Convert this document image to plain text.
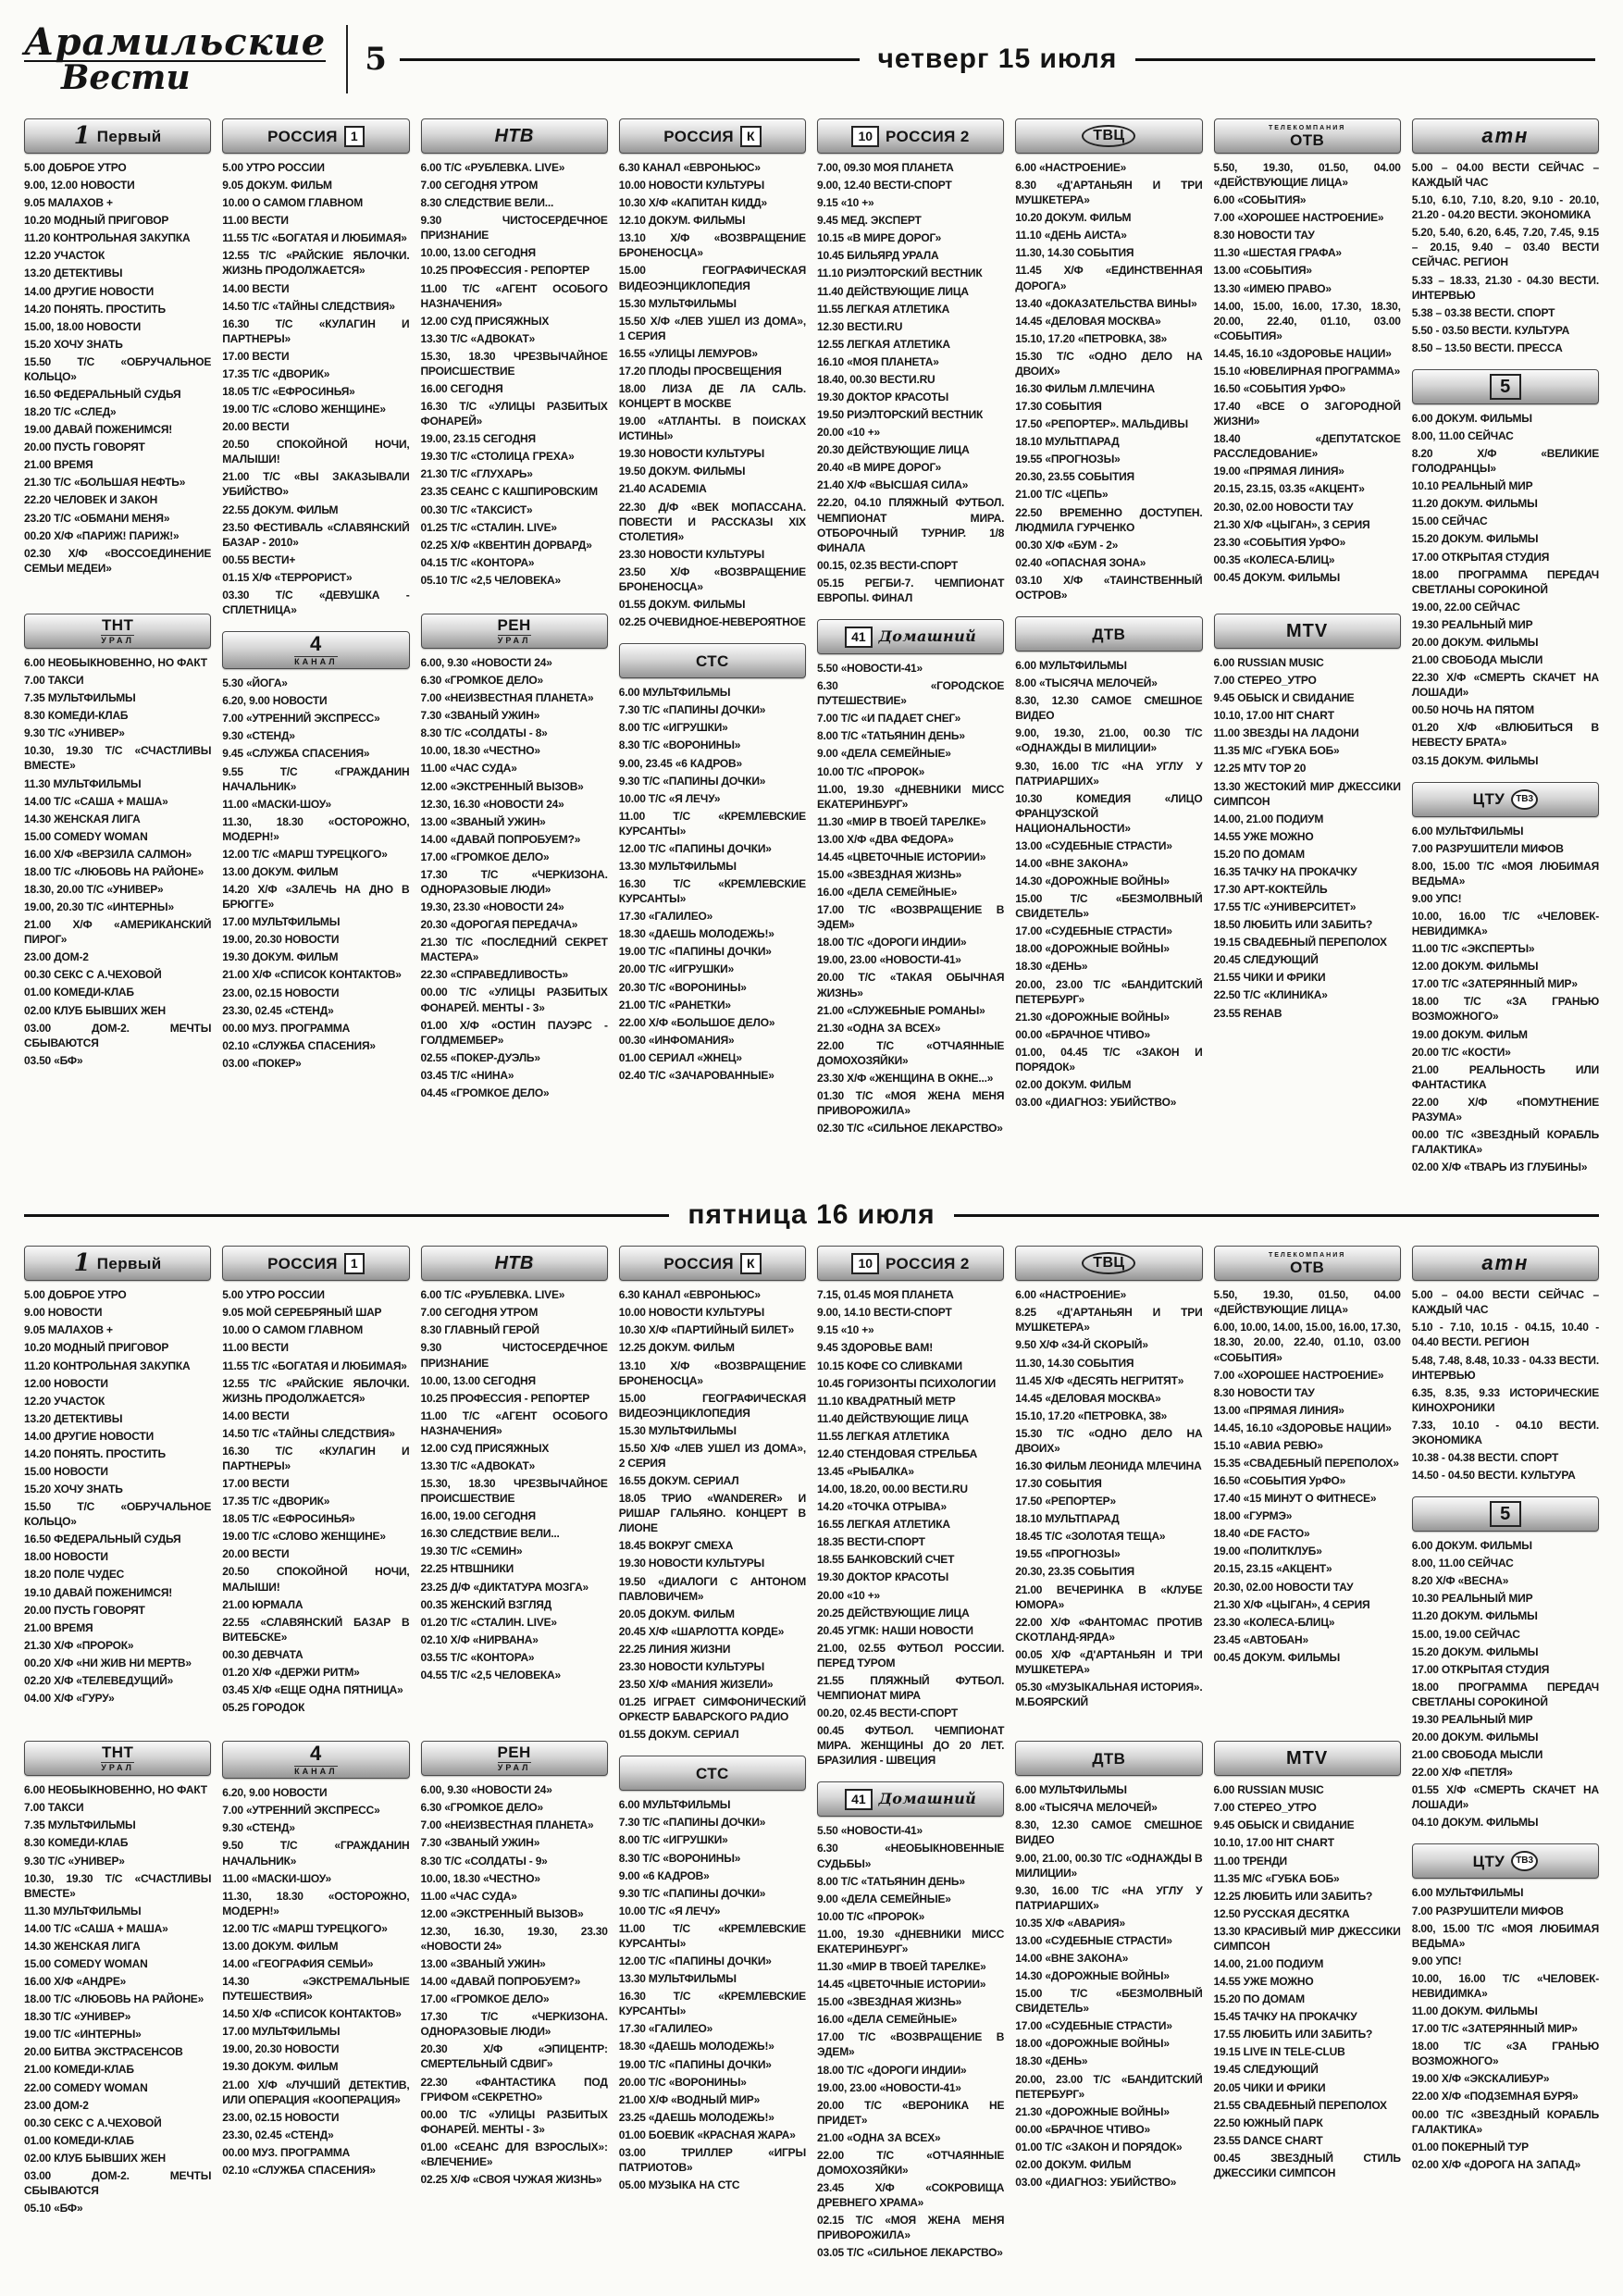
Арамильские
Вести	5	четверг 15 июля
1 Первый

5.00 ДОБРОЕ УТРО

9.00, 12.00 НОВОСТИ

9.05 МАЛАХОВ +

10.20 МОДНЫЙ ПРИГОВОР

11.20 КОНТРОЛЬНАЯ ЗАКУПКА

12.20 УЧАСТОК

13.20 ДЕТЕКТИВЫ

14.00 ДРУГИЕ НОВОСТИ

14.20 ПОНЯТЬ. ПРОСТИТЬ

15.00, 18.00 НОВОСТИ

15.20 ХОЧУ ЗНАТЬ

15.50 Т/С «ОБРУЧАЛЬНОЕ КОЛЬЦО»

16.50 ФЕДЕРАЛЬНЫЙ СУДЬЯ

18.20 Т/С «СЛЕД»

19.00 ДАВАЙ ПОЖЕНИМСЯ!

20.00 ПУСТЬ ГОВОРЯТ

21.00 ВРЕМЯ

21.30 Т/С «БОЛЬШАЯ НЕФТЬ»

22.20 ЧЕЛОВЕК И ЗАКОН

23.20 Т/С «ОБМАНИ МЕНЯ»

00.20 Х/Ф «ПАРИЖ! ПАРИЖ!»

02.30 Х/Ф «ВОССОЕДИНЕНИЕ СЕМЬИ МЕДЕИ»

ТНТ
УРАЛ

6.00 НЕОБЫКНОВЕННО, НО ФАКТ

7.00 ТАКСИ

7.35 МУЛЬТФИЛЬМЫ

8.30 КОМЕДИ-КЛАБ

9.30 Т/С «УНИВЕР»

10.30, 19.30 Т/С «СЧАСТЛИВЫ ВМЕСТЕ»

11.30 МУЛЬТФИЛЬМЫ

14.00 Т/С «САША + МАША»

14.30 ЖЕНСКАЯ ЛИГА

15.00 COMEDY WOMAN

16.00 Х/Ф «ВЕРЗИЛА САЛМОН»

18.00 Т/С «ЛЮБОВЬ НА РАЙОНЕ»

18.30, 20.00 Т/С «УНИВЕР»

19.00, 20.30 Т/С «ИНТЕРНЫ»

21.00 Х/Ф «АМЕРИКАНСКИЙ ПИРОГ»

23.00 ДОМ-2

00.30 СЕКС С А.ЧЕХОВОЙ

01.00 КОМЕДИ-КЛАБ

02.00 КЛУБ БЫВШИХ ЖЕН

03.00 ДОМ-2. МЕЧТЫ СБЫВАЮТСЯ

03.50 «БФ»

РОССИЯ	1

5.00 УТРО РОССИИ

9.05 ДОКУМ. ФИЛЬМ

10.00 О САМОМ ГЛАВНОМ

11.00 ВЕСТИ

11.55 Т/С «БОГАТАЯ И ЛЮБИМАЯ»

12.55 Т/С «РАЙСКИЕ ЯБЛОЧКИ. ЖИЗНЬ ПРОДОЛЖАЕТСЯ»

14.00 ВЕСТИ

14.50 Т/С «ТАЙНЫ СЛЕДСТВИЯ»

16.30 Т/С «КУЛАГИН И ПАРТНЕРЫ»

17.00 ВЕСТИ

17.35 Т/С «ДВОРИК»

18.05 Т/С «ЕФРОСИНЬЯ»

19.00 Т/С «СЛОВО ЖЕНЩИНЕ»

20.00 ВЕСТИ

20.50 СПОКОЙНОЙ НОЧИ, МАЛЫШИ!

21.00 Т/С «ВЫ ЗАКАЗЫВАЛИ УБИЙСТВО»

22.55 ДОКУМ. ФИЛЬМ

23.50 ФЕСТИВАЛЬ «СЛАВЯНСКИЙ БАЗАР - 2010»

00.55 ВЕСТИ+

01.15 Х/Ф «ТЕРРОРИСТ»

03.30 Т/С «ДЕВУШКА - СПЛЕТНИЦА»

4
КАНАЛ

5.30 «ЙОГА»

6.20, 9.00 НОВОСТИ

7.00 «УТРЕННИЙ ЭКСПРЕСС»

9.30 «СТЕНД»

9.45 «СЛУЖБА СПАСЕНИЯ»

9.55 Т/С «ГРАЖДАНИН НАЧАЛЬНИК»

11.00 «МАСКИ-ШОУ»

11.30, 18.30 «ОСТОРОЖНО, МОДЕРН!»

12.00 Т/С «МАРШ ТУРЕЦКОГО»

13.00 ДОКУМ. ФИЛЬМ

14.20 Х/Ф «ЗАЛЕЧЬ НА ДНО В БРЮГГЕ»

17.00 МУЛЬТФИЛЬМЫ

19.00, 20.30 НОВОСТИ

19.30 ДОКУМ. ФИЛЬМ

21.00 Х/Ф «СПИСОК КОНТАКТОВ»

23.00, 02.15 НОВОСТИ

23.30, 02.45 «СТЕНД»

00.00 МУЗ. ПРОГРАММА

02.10 «СЛУЖБА СПАСЕНИЯ»

03.00 «ПОКЕР»

НТВ

6.00 Т/С «РУБЛЕВКА. LIVE»

7.00 СЕГОДНЯ УТРОМ

8.30 СЛЕДСТВИЕ ВЕЛИ...

9.30 ЧИСТОСЕРДЕЧНОЕ ПРИЗНАНИЕ

10.00, 13.00 СЕГОДНЯ

10.25 ПРОФЕССИЯ - РЕПОРТЕР

11.00 Т/С «АГЕНТ ОСОБОГО НАЗНАЧЕНИЯ»

12.00 СУД ПРИСЯЖНЫХ

13.30 Т/С «АДВОКАТ»

15.30, 18.30 ЧРЕЗВЫЧАЙНОЕ ПРОИСШЕСТВИЕ

16.00 СЕГОДНЯ

16.30 Т/С «УЛИЦЫ РАЗБИТЫХ ФОНАРЕЙ»

19.00, 23.15 СЕГОДНЯ

19.30 Т/С «СТОЛИЦА ГРЕХА»

21.30 Т/С «ГЛУХАРЬ»

23.35 СЕАНС С КАШПИРОВСКИМ

00.30 Т/С «ТАКСИСТ»

01.25 Т/С «СТАЛИН. LIVE»

02.25 Х/Ф «КВЕНТИН ДОРВАРД»

04.15 Т/С «КОНТОРА»

05.10 Т/С «2,5 ЧЕЛОВЕКА»

РЕН
УРАЛ

6.00, 9.30 «НОВОСТИ 24»

6.30 «ГРОМКОЕ ДЕЛО»

7.00 «НЕИЗВЕСТНАЯ ПЛАНЕТА»

7.30 «ЗВАНЫЙ УЖИН»

8.30 Т/С «СОЛДАТЫ - 8»

10.00, 18.30 «ЧЕСТНО»

11.00 «ЧАС СУДА»

12.00 «ЭКСТРЕННЫЙ ВЫЗОВ»

12.30, 16.30 «НОВОСТИ 24»

13.00 «ЗВАНЫЙ УЖИН»

14.00 «ДАВАЙ ПОПРОБУЕМ?»

17.00 «ГРОМКОЕ ДЕЛО»

17.30 Т/С «ЧЕРКИЗОНА. ОДНОРАЗОВЫЕ ЛЮДИ»

19.30, 23.30 «НОВОСТИ 24»

20.30 «ДОРОГАЯ ПЕРЕДАЧА»

21.30 Т/С «ПОСЛЕДНИЙ СЕКРЕТ МАСТЕРА»

22.30 «СПРАВЕДЛИВОСТЬ»

00.00 Т/С «УЛИЦЫ РАЗБИТЫХ ФОНАРЕЙ. МЕНТЫ - 3»

01.00 Х/Ф «ОСТИН ПАУЭРС - ГОЛДМЕМБЕР»

02.55 «ПОКЕР-ДУЭЛЬ»

03.45 Т/С «НИНА»

04.45 «ГРОМКОЕ ДЕЛО»

РОССИЯ	К

6.30 КАНАЛ «ЕВРОНЬЮС»

10.00 НОВОСТИ КУЛЬТУРЫ

10.30 Х/Ф «КАПИТАН КИДД»

12.10 ДОКУМ. ФИЛЬМЫ

13.10 Х/Ф «ВОЗВРАЩЕНИЕ БРОНЕНОСЦА»

15.00 ГЕОГРАФИЧЕСКАЯ ВИДЕОЭНЦИКЛОПЕДИЯ

15.30 МУЛЬТФИЛЬМЫ

15.50 Х/Ф «ЛЕВ УШЕЛ ИЗ ДОМА», 1 СЕРИЯ

16.55 «УЛИЦЫ ЛЕМУРОВ»

17.20 ПЛОДЫ ПРОСВЕЩЕНИЯ

18.00 ЛИЗА ДЕ ЛА САЛЬ. КОНЦЕРТ В МОСКВЕ

19.00 «АТЛАНТЫ. В ПОИСКАХ ИСТИНЫ»

19.30 НОВОСТИ КУЛЬТУРЫ

19.50 ДОКУМ. ФИЛЬМЫ

21.40 ACADEMIA

22.30 Д/Ф «ВЕК МОПАССАНА. ПОВЕСТИ И РАССКАЗЫ XIX СТОЛЕТИЯ»

23.30 НОВОСТИ КУЛЬТУРЫ

23.50 Х/Ф «ВОЗВРАЩЕНИЕ БРОНЕНОСЦА»

01.55 ДОКУМ. ФИЛЬМЫ

02.25 ОЧЕВИДНОЕ-НЕВЕРОЯТНОЕ

СТС

6.00 МУЛЬТФИЛЬМЫ

7.30 Т/С «ПАПИНЫ ДОЧКИ»

8.00 Т/С «ИГРУШКИ»

8.30 Т/С «ВОРОНИНЫ»

9.00, 23.45 «6 КАДРОВ»

9.30 Т/С «ПАПИНЫ ДОЧКИ»

10.00 Т/С «Я ЛЕЧУ»

11.00 Т/С «КРЕМЛЕВСКИЕ КУРСАНТЫ»

12.00 Т/С «ПАПИНЫ ДОЧКИ»

13.30 МУЛЬТФИЛЬМЫ

16.30 Т/С «КРЕМЛЕВСКИЕ КУРСАНТЫ»

17.30 «ГАЛИЛЕО»

18.30 «ДАЕШЬ МОЛОДЕЖЬ!»

19.00 Т/С «ПАПИНЫ ДОЧКИ»

20.00 Т/С «ИГРУШКИ»

20.30 Т/С «ВОРОНИНЫ»

21.00 Т/С «РАНЕТКИ»

22.00 Х/Ф «БОЛЬШОЕ ДЕЛО»

00.30 «ИНФОМАНИЯ»

01.00 СЕРИАЛ «ЖНЕЦ»

02.40 Т/С «ЗАЧАРОВАННЫЕ»

10 РОССИЯ 2

7.00, 09.30 МОЯ ПЛАНЕТА

9.00, 12.40 ВЕСТИ-СПОРТ

9.15 «10 +»

9.45 МЕД. ЭКСПЕРТ

10.15 «В МИРЕ ДОРОГ»

10.45 БИЛЬЯРД УРАЛА

11.10 РИЭЛТОРСКИЙ ВЕСТНИК

11.40 ДЕЙСТВУЮЩИЕ ЛИЦА

11.55 ЛЕГКАЯ АТЛЕТИКА

12.30 ВЕСТИ.RU

12.55 ЛЕГКАЯ АТЛЕТИКА

16.10 «МОЯ ПЛАНЕТА»

18.40, 00.30 ВЕСТИ.RU

19.30 ДОКТОР КРАСОТЫ

19.50 РИЭЛТОРСКИЙ ВЕСТНИК

20.00 «10 +»

20.30 ДЕЙСТВУЮЩИЕ ЛИЦА

20.40 «В МИРЕ ДОРОГ»

21.40 Х/Ф «ВЫСШАЯ СИЛА»

22.20, 04.10 ПЛЯЖНЫЙ ФУТБОЛ. ЧЕМПИОНАТ МИРА. ОТБОРОЧНЫЙ ТУРНИР. 1/8 ФИНАЛА

00.15, 02.35 ВЕСТИ-СПОРТ

05.15 РЕГБИ-7. ЧЕМПИОНАТ ЕВРОПЫ. ФИНАЛ

41 Домашний

5.50 «НОВОСТИ-41»

6.30 «ГОРОДСКОЕ ПУТЕШЕСТВИЕ»

7.00 Т/С «И ПАДАЕТ СНЕГ»

8.00 Т/С «ТАТЬЯНИН ДЕНЬ»

9.00 «ДЕЛА СЕМЕЙНЫЕ»

10.00 Т/С «ПРОРОК»

11.00, 19.30 «ДНЕВНИКИ МИСС ЕКАТЕРИНБУРГ»

11.30 «МИР В ТВОЕЙ ТАРЕЛКЕ»

13.00 Х/Ф «ДВА ФЕДОРА»

14.45 «ЦВЕТОЧНЫЕ ИСТОРИИ»

15.00 «ЗВЕЗДНАЯ ЖИЗНЬ»

16.00 «ДЕЛА СЕМЕЙНЫЕ»

17.00 Т/С «ВОЗВРАЩЕНИЕ В ЭДЕМ»

18.00 Т/С «ДОРОГИ ИНДИИ»

19.00, 23.00 «НОВОСТИ-41»

20.00 Т/С «ТАКАЯ ОБЫЧНАЯ ЖИЗНЬ»

21.00 «СЛУЖЕБНЫЕ РОМАНЫ»

21.30 «ОДНА ЗА ВСЕХ»

22.00 Т/С «ОТЧАЯННЫЕ ДОМОХОЗЯЙКИ»

23.30 Х/Ф «ЖЕНЩИНА В ОКНЕ...»

01.30 Т/С «МОЯ ЖЕНА МЕНЯ ПРИВОРОЖИЛА»

02.30 Т/С «СИЛЬНОЕ ЛЕКАРСТВО»

ТВЦ

6.00 «НАСТРОЕНИЕ»

8.30 «Д'АРТАНЬЯН И ТРИ МУШКЕТЕРА»

10.20 ДОКУМ. ФИЛЬМ

11.10 «ДЕНЬ АИСТА»

11.30, 14.30 СОБЫТИЯ

11.45 Х/Ф «ЕДИНСТВЕННАЯ ДОРОГА»

13.40 «ДОКАЗАТЕЛЬСТВА ВИНЫ»

14.45 «ДЕЛОВАЯ МОСКВА»

15.10, 17.20 «ПЕТРОВКА, 38»

15.30 Т/С «ОДНО ДЕЛО НА ДВОИХ»

16.30 ФИЛЬМ Л.МЛЕЧИНА

17.30 СОБЫТИЯ

17.50 «РЕПОРТЕР». МАЛЬДИВЫ

18.10 МУЛЬТПАРАД

19.55 «ПРОГНОЗЫ»

20.30, 23.55 СОБЫТИЯ

21.00 Т/С «ЦЕПЬ»

22.50 ВРЕМЕННО ДОСТУПЕН. ЛЮДМИЛА ГУРЧЕНКО

00.30 Х/Ф «БУМ - 2»

02.40 «ОПАСНАЯ ЗОНА»

03.10 Х/Ф «ТАИНСТВЕННЫЙ ОСТРОВ»

ДТВ

6.00 МУЛЬТФИЛЬМЫ

8.00 «ТЫСЯЧА МЕЛОЧЕЙ»

8.30, 12.30 САМОЕ СМЕШНОЕ ВИДЕО

9.00, 19.30, 21.00, 00.30 Т/С «ОДНАЖДЫ В МИЛИЦИИ»

9.30, 16.00 Т/С «НА УГЛУ У ПАТРИАРШИХ»

10.30 КОМЕДИЯ «ЛИЦО ФРАНЦУЗСКОЙ НАЦИОНАЛЬНОСТИ»

13.00 «СУДЕБНЫЕ СТРАСТИ»

14.00 «ВНЕ ЗАКОНА»

14.30 «ДОРОЖНЫЕ ВОЙНЫ»

15.00 Т/С «БЕЗМОЛВНЫЙ СВИДЕТЕЛЬ»

17.00 «СУДЕБНЫЕ СТРАСТИ»

18.00 «ДОРОЖНЫЕ ВОЙНЫ»

18.30 «ДЕНЬ»

20.00, 23.00 Т/С «БАНДИТСКИЙ ПЕТЕРБУРГ»

21.30 «ДОРОЖНЫЕ ВОЙНЫ»

00.00 «БРАЧНОЕ ЧТИВО»

01.00, 04.45 Т/С «ЗАКОН И ПОРЯДОК»

02.00 ДОКУМ. ФИЛЬМ

03.00 «ДИАГНОЗ: УБИЙСТВО»

ТЕЛЕКОМПАНИЯ
ОТВ

5.50, 19.30, 01.50, 04.00 «ДЕЙСТВУЮЩИЕ ЛИЦА»

6.00 «СОБЫТИЯ»

7.00 «ХОРОШЕЕ НАСТРОЕНИЕ»

8.30 НОВОСТИ ТАУ

11.30 «ШЕСТАЯ ГРАФА»

13.00 «СОБЫТИЯ»

13.30 «ИМЕЮ ПРАВО»

14.00, 15.00, 16.00, 17.30, 18.30, 20.00, 22.40, 01.10, 03.00 «СОБЫТИЯ»

14.45, 16.10 «ЗДОРОВЬЕ НАЦИИ»

15.10 «ЮВЕЛИРНАЯ ПРОГРАММА»

16.50 «СОБЫТИЯ УрФО»

17.40 «ВСЕ О ЗАГОРОДНОЙ ЖИЗНИ»

18.40 «ДЕПУТАТСКОЕ РАССЛЕДОВАНИЕ»

19.00 «ПРЯМАЯ ЛИНИЯ»

20.15, 23.15, 03.35 «АКЦЕНТ»

20.30, 02.00 НОВОСТИ ТАУ

21.30 Х/Ф «ЦЫГАН», 3 СЕРИЯ

23.30 «СОБЫТИЯ УрФО»

00.35 «КОЛЕСА-БЛИЦ»

00.45 ДОКУМ. ФИЛЬМЫ

MTV

6.00 RUSSIAN MUSIC

7.00 СТЕРЕО_УТРО

9.45 ОБЫСК И СВИДАНИЕ

10.10, 17.00 HIT CHART

11.00 ЗВЕЗДЫ НА ЛАДОНИ

11.35 М/С «ГУБКА БОБ»

12.25 MTV TOP 20

13.30 ЖЕСТОКИЙ МИР ДЖЕССИКИ СИМПСОН

14.00, 21.00 ПОДИУМ

14.55 УЖЕ МОЖНО

15.20 ПО ДОМАМ

16.35 ТАЧКУ НА ПРОКАЧКУ

17.30 АРТ-КОКТЕЙЛЬ

17.55 Т/С «УНИВЕРСИТЕТ»

18.50 ЛЮБИТЬ ИЛИ ЗАБИТЬ?

19.15 СВАДЕБНЫЙ ПЕРЕПОЛОХ

20.45 СЛЕДУЮЩИЙ

21.55 ЧИКИ И ФРИКИ

22.50 Т/С «КЛИНИКА»

23.55 REHAB

атн

5.00 – 04.00 ВЕСТИ СЕЙЧАС – КАЖДЫЙ ЧАС

5.10, 6.10, 7.10, 8.20, 9.10 - 20.10, 21.20 - 04.20 ВЕСТИ. ЭКОНОМИКА

5.20, 5.40, 6.20, 6.45, 7.20, 7.45, 9.15 – 20.15, 9.40 – 03.40 ВЕСТИ СЕЙЧАС. РЕГИОН

5.33 – 18.33, 21.30 - 04.30 ВЕСТИ. ИНТЕРВЬЮ

5.38 – 03.38 ВЕСТИ. СПОРТ

5.50 - 03.50 ВЕСТИ. КУЛЬТУРА

8.50 – 13.50 ВЕСТИ. ПРЕССА

5

6.00 ДОКУМ. ФИЛЬМЫ

8.00, 11.00 СЕЙЧАС

8.20 Х/Ф «ВЕЛИКИЕ ГОЛОДРАНЦЫ»

10.10 РЕАЛЬНЫЙ МИР

11.20 ДОКУМ. ФИЛЬМЫ

15.00 СЕЙЧАС

15.20 ДОКУМ. ФИЛЬМЫ

17.00 ОТКРЫТАЯ СТУДИЯ

18.00 ПРОГРАММА ПЕРЕДАЧ СВЕТЛАНЫ СОРОКИНОЙ

19.00, 22.00 СЕЙЧАС

19.30 РЕАЛЬНЫЙ МИР

20.00 ДОКУМ. ФИЛЬМЫ

21.00 СВОБОДА МЫСЛИ

22.30 Х/Ф «СМЕРТЬ СКАЧЕТ НА ЛОШАДИ»

00.50 НОЧЬ НА ПЯТОМ

01.20 Х/Ф «ВЛЮБИТЬСЯ В НЕВЕСТУ БРАТА»

03.15 ДОКУМ. ФИЛЬМЫ

ЦТУ	ТВ3

6.00 МУЛЬТФИЛЬМЫ

7.00 РАЗРУШИТЕЛИ МИФОВ

8.00, 15.00 Т/С «МОЯ ЛЮБИМАЯ ВЕДЬМА»

9.00 УПС!

10.00, 16.00 Т/С «ЧЕЛОВЕК-НЕВИДИМКА»

11.00 Т/С «ЭКСПЕРТЫ»

12.00 ДОКУМ. ФИЛЬМЫ

17.00 Т/С «ЗАТЕРЯННЫЙ МИР»

18.00 Т/С «ЗА ГРАНЬЮ ВОЗМОЖНОГО»

19.00 ДОКУМ. ФИЛЬМ

20.00 Т/С «КОСТИ»

21.00 РЕАЛЬНОСТЬ ИЛИ ФАНТАСТИКА

22.00 Х/Ф «ПОМУТНЕНИЕ РАЗУМА»

00.00 Т/С «ЗВЕЗДНЫЙ КОРАБЛЬ ГАЛАКТИКА»

02.00 Х/Ф «ТВАРЬ ИЗ ГЛУБИНЫ»

пятница 16 июля
1 Первый

5.00 ДОБРОЕ УТРО

9.00 НОВОСТИ

9.05 МАЛАХОВ +

10.20 МОДНЫЙ ПРИГОВОР

11.20 КОНТРОЛЬНАЯ ЗАКУПКА

12.00 НОВОСТИ

12.20 УЧАСТОК

13.20 ДЕТЕКТИВЫ

14.00 ДРУГИЕ НОВОСТИ

14.20 ПОНЯТЬ. ПРОСТИТЬ

15.00 НОВОСТИ

15.20 ХОЧУ ЗНАТЬ

15.50 Т/С «ОБРУЧАЛЬНОЕ КОЛЬЦО»

16.50 ФЕДЕРАЛЬНЫЙ СУДЬЯ

18.00 НОВОСТИ

18.20 ПОЛЕ ЧУДЕС

19.10 ДАВАЙ ПОЖЕНИМСЯ!

20.00 ПУСТЬ ГОВОРЯТ

21.00 ВРЕМЯ

21.30 Х/Ф «ПРОРОК»

00.20 Х/Ф «НИ ЖИВ НИ МЕРТВ»

02.20 Х/Ф «ТЕЛЕВЕДУЩИЙ»

04.00 Х/Ф «ГУРУ»

ТНТ
УРАЛ

6.00 НЕОБЫКНОВЕННО, НО ФАКТ

7.00 ТАКСИ

7.35 МУЛЬТФИЛЬМЫ

8.30 КОМЕДИ-КЛАБ

9.30 Т/С «УНИВЕР»

10.30, 19.30 Т/С «СЧАСТЛИВЫ ВМЕСТЕ»

11.30 МУЛЬТФИЛЬМЫ

14.00 Т/С «САША + МАША»

14.30 ЖЕНСКАЯ ЛИГА

15.00 COMEDY WOMAN

16.00 Х/Ф «АНДРЕ»

18.00 Т/С «ЛЮБОВЬ НА РАЙОНЕ»

18.30 Т/С «УНИВЕР»

19.00 Т/С «ИНТЕРНЫ»

20.00 БИТВА ЭКСТРАСЕНСОВ

21.00 КОМЕДИ-КЛАБ

22.00 COMEDY WOMAN

23.00 ДОМ-2

00.30 СЕКС С А.ЧЕХОВОЙ

01.00 КОМЕДИ-КЛАБ

02.00 КЛУБ БЫВШИХ ЖЕН

03.00 ДОМ-2. МЕЧТЫ СБЫВАЮТСЯ

05.10 «БФ»

РОССИЯ	1

5.00 УТРО РОССИИ

9.05 МОЙ СЕРЕБРЯНЫЙ ШАР

10.00 О САМОМ ГЛАВНОМ

11.00 ВЕСТИ

11.55 Т/С «БОГАТАЯ И ЛЮБИМАЯ»

12.55 Т/С «РАЙСКИЕ ЯБЛОЧКИ. ЖИЗНЬ ПРОДОЛЖАЕТСЯ»

14.00 ВЕСТИ

14.50 Т/С «ТАЙНЫ СЛЕДСТВИЯ»

16.30 Т/С «КУЛАГИН И ПАРТНЕРЫ»

17.00 ВЕСТИ

17.35 Т/С «ДВОРИК»

18.05 Т/С «ЕФРОСИНЬЯ»

19.00 Т/С «СЛОВО ЖЕНЩИНЕ»

20.00 ВЕСТИ

20.50 СПОКОЙНОЙ НОЧИ, МАЛЫШИ!

21.00 ЮРМАЛА

22.55 «СЛАВЯНСКИЙ БАЗАР В ВИТЕБСКЕ»

00.30 ДЕВЧАТА

01.20 Х/Ф «ДЕРЖИ РИТМ»

03.45 Х/Ф «ЕЩЕ ОДНА ПЯТНИЦА»

05.25 ГОРОДОК

4
КАНАЛ

6.20, 9.00 НОВОСТИ

7.00 «УТРЕННИЙ ЭКСПРЕСС»

9.30 «СТЕНД»

9.50 Т/С «ГРАЖДАНИН НАЧАЛЬНИК»

11.00 «МАСКИ-ШОУ»

11.30, 18.30 «ОСТОРОЖНО, МОДЕРН!»

12.00 Т/С «МАРШ ТУРЕЦКОГО»

13.00 ДОКУМ. ФИЛЬМ

14.00 «ГЕОГРАФИЯ СЕМЬИ»

14.30 «ЭКСТРЕМАЛЬНЫЕ ПУТЕШЕСТВИЯ»

14.50 Х/Ф «СПИСОК КОНТАКТОВ»

17.00 МУЛЬТФИЛЬМЫ

19.00, 20.30 НОВОСТИ

19.30 ДОКУМ. ФИЛЬМ

21.00 Х/Ф «ЛУЧШИЙ ДЕТЕКТИВ, ИЛИ ОПЕРАЦИЯ «КООПЕРАЦИЯ»

23.00, 02.15 НОВОСТИ

23.30, 02.45 «СТЕНД»

00.00 МУЗ. ПРОГРАММА

02.10 «СЛУЖБА СПАСЕНИЯ»

НТВ

6.00 Т/С «РУБЛЕВКА. LIVE»

7.00 СЕГОДНЯ УТРОМ

8.30 ГЛАВНЫЙ ГЕРОЙ

9.30 ЧИСТОСЕРДЕЧНОЕ ПРИЗНАНИЕ

10.00, 13.00 СЕГОДНЯ

10.25 ПРОФЕССИЯ - РЕПОРТЕР

11.00 Т/С «АГЕНТ ОСОБОГО НАЗНАЧЕНИЯ»

12.00 СУД ПРИСЯЖНЫХ

13.30 Т/С «АДВОКАТ»

15.30, 18.30 ЧРЕЗВЫЧАЙНОЕ ПРОИСШЕСТВИЕ

16.00, 19.00 СЕГОДНЯ

16.30 СЛЕДСТВИЕ ВЕЛИ...

19.30 Т/С «СЕМИН»

22.25 НТВШНИКИ

23.25 Д/Ф «ДИКТАТУРА МОЗГА»

00.35 ЖЕНСКИЙ ВЗГЛЯД

01.20 Т/С «СТАЛИН. LIVE»

02.10 Х/Ф «НИРВАНА»

03.55 Т/С «КОНТОРА»

04.55 Т/С «2,5 ЧЕЛОВЕКА»

РЕН
УРАЛ

6.00, 9.30 «НОВОСТИ 24»

6.30 «ГРОМКОЕ ДЕЛО»

7.00 «НЕИЗВЕСТНАЯ ПЛАНЕТА»

7.30 «ЗВАНЫЙ УЖИН»

8.30 Т/С «СОЛДАТЫ - 9»

10.00, 18.30 «ЧЕСТНО»

11.00 «ЧАС СУДА»

12.00 «ЭКСТРЕННЫЙ ВЫЗОВ»

12.30, 16.30, 19.30, 23.30 «НОВОСТИ 24»

13.00 «ЗВАНЫЙ УЖИН»

14.00 «ДАВАЙ ПОПРОБУЕМ?»

17.00 «ГРОМКОЕ ДЕЛО»

17.30 Т/С «ЧЕРКИЗОНА. ОДНОРАЗОВЫЕ ЛЮДИ»

20.30 Х/Ф «ЭПИЦЕНТР: СМЕРТЕЛЬНЫЙ СДВИГ»

22.30 «ФАНТАСТИКА ПОД ГРИФОМ «СЕКРЕТНО»

00.00 Т/С «УЛИЦЫ РАЗБИТЫХ ФОНАРЕЙ. МЕНТЫ - 3»

01.00 «СЕАНС ДЛЯ ВЗРОСЛЫХ»: «ВЛЕЧЕНИЕ»

02.25 Х/Ф «СВОЯ ЧУЖАЯ ЖИЗНЬ»

РОССИЯ	К

6.30 КАНАЛ «ЕВРОНЬЮС»

10.00 НОВОСТИ КУЛЬТУРЫ

10.30 Х/Ф «ПАРТИЙНЫЙ БИЛЕТ»

12.25 ДОКУМ. ФИЛЬМ

13.10 Х/Ф «ВОЗВРАЩЕНИЕ БРОНЕНОСЦА»

15.00 ГЕОГРАФИЧЕСКАЯ ВИДЕОЭНЦИКЛОПЕДИЯ

15.30 МУЛЬТФИЛЬМЫ

15.50 Х/Ф «ЛЕВ УШЕЛ ИЗ ДОМА», 2 СЕРИЯ

16.55 ДОКУМ. СЕРИАЛ

18.05 ТРИО «WANDERER» И РИШАР ГАЛЬЯНО. КОНЦЕРТ В ЛИОНЕ

18.45 ВОКРУГ СМЕХА

19.30 НОВОСТИ КУЛЬТУРЫ

19.50 «ДИАЛОГИ С АНТОНОМ ПАВЛОВИЧЕМ»

20.05 ДОКУМ. ФИЛЬМ

20.45 Х/Ф «ШАРЛОТТА КОРДЕ»

22.25 ЛИНИЯ ЖИЗНИ

23.30 НОВОСТИ КУЛЬТУРЫ

23.50 Х/Ф «МАНИЯ ЖИЗЕЛИ»

01.25 ИГРАЕТ СИМФОНИЧЕСКИЙ ОРКЕСТР БАВАРСКОГО РАДИО

01.55 ДОКУМ. СЕРИАЛ

СТС

6.00 МУЛЬТФИЛЬМЫ

7.30 Т/С «ПАПИНЫ ДОЧКИ»

8.00 Т/С «ИГРУШКИ»

8.30 Т/С «ВОРОНИНЫ»

9.00 «6 КАДРОВ»

9.30 Т/С «ПАПИНЫ ДОЧКИ»

10.00 Т/С «Я ЛЕЧУ»

11.00 Т/С «КРЕМЛЕВСКИЕ КУРСАНТЫ»

12.00 Т/С «ПАПИНЫ ДОЧКИ»

13.30 МУЛЬТФИЛЬМЫ

16.30 Т/С «КРЕМЛЕВСКИЕ КУРСАНТЫ»

17.30 «ГАЛИЛЕО»

18.30 «ДАЕШЬ МОЛОДЕЖЬ!»

19.00 Т/С «ПАПИНЫ ДОЧКИ»

20.00 Т/С «ВОРОНИНЫ»

21.00 Х/Ф «ВОДНЫЙ МИР»

23.25 «ДАЕШЬ МОЛОДЕЖЬ!»

01.00 БОЕВИК «КРАСНАЯ ЖАРА»

03.00 ТРИЛЛЕР «ИГРЫ ПАТРИОТОВ»

05.00 МУЗЫКА НА СТС

10 РОССИЯ 2

7.15, 01.45 МОЯ ПЛАНЕТА

9.00, 14.10 ВЕСТИ-СПОРТ

9.15 «10 +»

9.45 ЗДОРОВЬЕ ВАМ!

10.15 КОФЕ СО СЛИВКАМИ

10.45 ГОРИЗОНТЫ ПСИХОЛОГИИ

11.10 КВАДРАТНЫЙ МЕТР

11.40 ДЕЙСТВУЮЩИЕ ЛИЦА

11.55 ЛЕГКАЯ АТЛЕТИКА

12.40 СТЕНДОВАЯ СТРЕЛЬБА

13.45 «РЫБАЛКА»

14.00, 18.20, 00.00 ВЕСТИ.RU

14.20 «ТОЧКА ОТРЫВА»

16.55 ЛЕГКАЯ АТЛЕТИКА

18.35 ВЕСТИ-СПОРТ

18.55 БАНКОВСКИЙ СЧЕТ

19.30 ДОКТОР КРАСОТЫ

20.00 «10 +»

20.25 ДЕЙСТВУЮЩИЕ ЛИЦА

20.45 УГМК: НАШИ НОВОСТИ

21.00, 02.55 ФУТБОЛ РОССИИ. ПЕРЕД ТУРОМ

21.55 ПЛЯЖНЫЙ ФУТБОЛ. ЧЕМПИОНАТ МИРА

00.20, 02.45 ВЕСТИ-СПОРТ

00.45 ФУТБОЛ. ЧЕМПИОНАТ МИРА. ЖЕНЩИНЫ ДО 20 ЛЕТ. БРАЗИЛИЯ - ШВЕЦИЯ

41 Домашний

5.50 «НОВОСТИ-41»

6.30 «НЕОБЫКНОВЕННЫЕ СУДЬБЫ»

8.00 Т/С «ТАТЬЯНИН ДЕНЬ»

9.00 «ДЕЛА СЕМЕЙНЫЕ»

10.00 Т/С «ПРОРОК»

11.00, 19.30 «ДНЕВНИКИ МИСС ЕКАТЕРИНБУРГ»

11.30 «МИР В ТВОЕЙ ТАРЕЛКЕ»

14.45 «ЦВЕТОЧНЫЕ ИСТОРИИ»

15.00 «ЗВЕЗДНАЯ ЖИЗНЬ»

16.00 «ДЕЛА СЕМЕЙНЫЕ»

17.00 Т/С «ВОЗВРАЩЕНИЕ В ЭДЕМ»

18.00 Т/С «ДОРОГИ ИНДИИ»

19.00, 23.00 «НОВОСТИ-41»

20.00 Т/С «ВЕРОНИКА НЕ ПРИДЕТ»

21.00 «ОДНА ЗА ВСЕХ»

22.00 Т/С «ОТЧАЯННЫЕ ДОМОХОЗЯЙКИ»

23.45 Х/Ф «СОКРОВИЩА ДРЕВНЕГО ХРАМА»

02.15 Т/С «МОЯ ЖЕНА МЕНЯ ПРИВОРОЖИЛА»

03.05 Т/С «СИЛЬНОЕ ЛЕКАРСТВО»

ТВЦ

6.00 «НАСТРОЕНИЕ»

8.25 «Д'АРТАНЬЯН И ТРИ МУШКЕТЕРА»

9.50 Х/Ф «34-Й СКОРЫЙ»

11.30, 14.30 СОБЫТИЯ

11.45 Х/Ф «ДЕСЯТЬ НЕГРИТЯТ»

14.45 «ДЕЛОВАЯ МОСКВА»

15.10, 17.20 «ПЕТРОВКА, 38»

15.30 Т/С «ОДНО ДЕЛО НА ДВОИХ»

16.30 ФИЛЬМ ЛЕОНИДА МЛЕЧИНА

17.30 СОБЫТИЯ

17.50 «РЕПОРТЕР»

18.10 МУЛЬТПАРАД

18.45 Т/С «ЗОЛОТАЯ ТЕЩА»

19.55 «ПРОГНОЗЫ»

20.30, 23.35 СОБЫТИЯ

21.00 ВЕЧЕРИНКА В «КЛУБЕ ЮМОРА»

22.00 Х/Ф «ФАНТОМАС ПРОТИВ СКОТЛАНД-ЯРДА»

00.05 Х/Ф «Д'АРТАНЬЯН И ТРИ МУШКЕТЕРА»

05.30 «МУЗЫКАЛЬНАЯ ИСТОРИЯ». М.БОЯРСКИЙ

ДТВ

6.00 МУЛЬТФИЛЬМЫ

8.00 «ТЫСЯЧА МЕЛОЧЕЙ»

8.30, 12.30 САМОЕ СМЕШНОЕ ВИДЕО

9.00, 21.00, 00.30 Т/С «ОДНАЖДЫ В МИЛИЦИИ»

9.30, 16.00 Т/С «НА УГЛУ У ПАТРИАРШИХ»

10.35 Х/Ф «АВАРИЯ»

13.00 «СУДЕБНЫЕ СТРАСТИ»

14.00 «ВНЕ ЗАКОНА»

14.30 «ДОРОЖНЫЕ ВОЙНЫ»

15.00 Т/С «БЕЗМОЛВНЫЙ СВИДЕТЕЛЬ»

17.00 «СУДЕБНЫЕ СТРАСТИ»

18.00 «ДОРОЖНЫЕ ВОЙНЫ»

18.30 «ДЕНЬ»

20.00, 23.00 Т/С «БАНДИТСКИЙ ПЕТЕРБУРГ»

21.30 «ДОРОЖНЫЕ ВОЙНЫ»

00.00 «БРАЧНОЕ ЧТИВО»

01.00 Т/С «ЗАКОН И ПОРЯДОК»

02.00 ДОКУМ. ФИЛЬМ

03.00 «ДИАГНОЗ: УБИЙСТВО»

ТЕЛЕКОМПАНИЯ
ОТВ

5.50, 19.30, 01.50, 04.00 «ДЕЙСТВУЮЩИЕ ЛИЦА»

6.00, 10.00, 14.00, 15.00, 16.00, 17.30, 18.30, 20.00, 22.40, 01.10, 03.00 «СОБЫТИЯ»

7.00 «ХОРОШЕЕ НАСТРОЕНИЕ»

8.30 НОВОСТИ ТАУ

13.00 «ПРЯМАЯ ЛИНИЯ»

14.45, 16.10 «ЗДОРОВЬЕ НАЦИИ»

15.10 «АВИА РЕВЮ»

15.35 «СВАДЕБНЫЙ ПЕРЕПОЛОХ»

16.50 «СОБЫТИЯ УрФО»

17.40 «15 МИНУТ О ФИТНЕСЕ»

18.00 «ГУРМЭ»

18.40 «DE FACTO»

19.00 «ПОЛИТКЛУБ»

20.15, 23.15 «АКЦЕНТ»

20.30, 02.00 НОВОСТИ ТАУ

21.30 Х/Ф «ЦЫГАН», 4 СЕРИЯ

23.30 «КОЛЕСА-БЛИЦ»

23.45 «АВТОБАН»

00.45 ДОКУМ. ФИЛЬМЫ

MTV

6.00 RUSSIAN MUSIC

7.00 СТЕРЕО_УТРО

9.45 ОБЫСК И СВИДАНИЕ

10.10, 17.00 HIT CHART

11.00 ТРЕНДИ

11.35 М/С «ГУБКА БОБ»

12.25 ЛЮБИТЬ ИЛИ ЗАБИТЬ?

12.50 РУССКАЯ ДЕСЯТКА

13.30 КРАСИВЫЙ МИР ДЖЕССИКИ СИМПСОН

14.00, 21.00 ПОДИУМ

14.55 УЖЕ МОЖНО

15.20 ПО ДОМАМ

15.45 ТАЧКУ НА ПРОКАЧКУ

17.55 ЛЮБИТЬ ИЛИ ЗАБИТЬ?

19.15 LIVE IN TELE-CLUB

19.45 СЛЕДУЮЩИЙ

20.05 ЧИКИ И ФРИКИ

21.55 СВАДЕБНЫЙ ПЕРЕПОЛОХ

22.50 ЮЖНЫЙ ПАРК

23.55 DANCE CHART

00.45 ЗВЕЗДНЫЙ СТИЛЬ ДЖЕССИКИ СИМПСОН

атн

5.00 – 04.00 ВЕСТИ СЕЙЧАС – КАЖДЫЙ ЧАС

5.10 - 7.10, 10.15 - 04.15, 10.40 - 04.40 ВЕСТИ. РЕГИОН

5.48, 7.48, 8.48, 10.33 - 04.33 ВЕСТИ. ИНТЕРВЬЮ

6.35, 8.35, 9.33 ИСТОРИЧЕСКИЕ КИНОХРОНИКИ

7.33, 10.10 - 04.10 ВЕСТИ. ЭКОНОМИКА

10.38 - 04.38 ВЕСТИ. СПОРТ

14.50 - 04.50 ВЕСТИ. КУЛЬТУРА

5

6.00 ДОКУМ. ФИЛЬМЫ

8.00, 11.00 СЕЙЧАС

8.20 Х/Ф «ВЕСНА»

10.30 РЕАЛЬНЫЙ МИР

11.20 ДОКУМ. ФИЛЬМЫ

15.00, 19.00 СЕЙЧАС

15.20 ДОКУМ. ФИЛЬМЫ

17.00 ОТКРЫТАЯ СТУДИЯ

18.00 ПРОГРАММА ПЕРЕДАЧ СВЕТЛАНЫ СОРОКИНОЙ

19.30 РЕАЛЬНЫЙ МИР

20.00 ДОКУМ. ФИЛЬМЫ

21.00 СВОБОДА МЫСЛИ

22.00 Х/Ф «ПЕТЛЯ»

01.55 Х/Ф «СМЕРТЬ СКАЧЕТ НА ЛОШАДИ»

04.10 ДОКУМ. ФИЛЬМЫ

ЦТУ	ТВ3

6.00 МУЛЬТФИЛЬМЫ

7.00 РАЗРУШИТЕЛИ МИФОВ

8.00, 15.00 Т/С «МОЯ ЛЮБИМАЯ ВЕДЬМА»

9.00 УПС!

10.00, 16.00 Т/С «ЧЕЛОВЕК-НЕВИДИМКА»

11.00 ДОКУМ. ФИЛЬМЫ

17.00 Т/С «ЗАТЕРЯННЫЙ МИР»

18.00 Т/С «ЗА ГРАНЬЮ ВОЗМОЖНОГО»

19.00 Х/Ф «ЭКСКАЛИБУР»

22.00 Х/Ф «ПОДЗЕМНАЯ БУРЯ»

00.00 Т/С «ЗВЕЗДНЫЙ КОРАБЛЬ ГАЛАКТИКА»

01.00 ПОКЕРНЫЙ ТУР

02.00 Х/Ф «ДОРОГА НА ЗАПАД»
